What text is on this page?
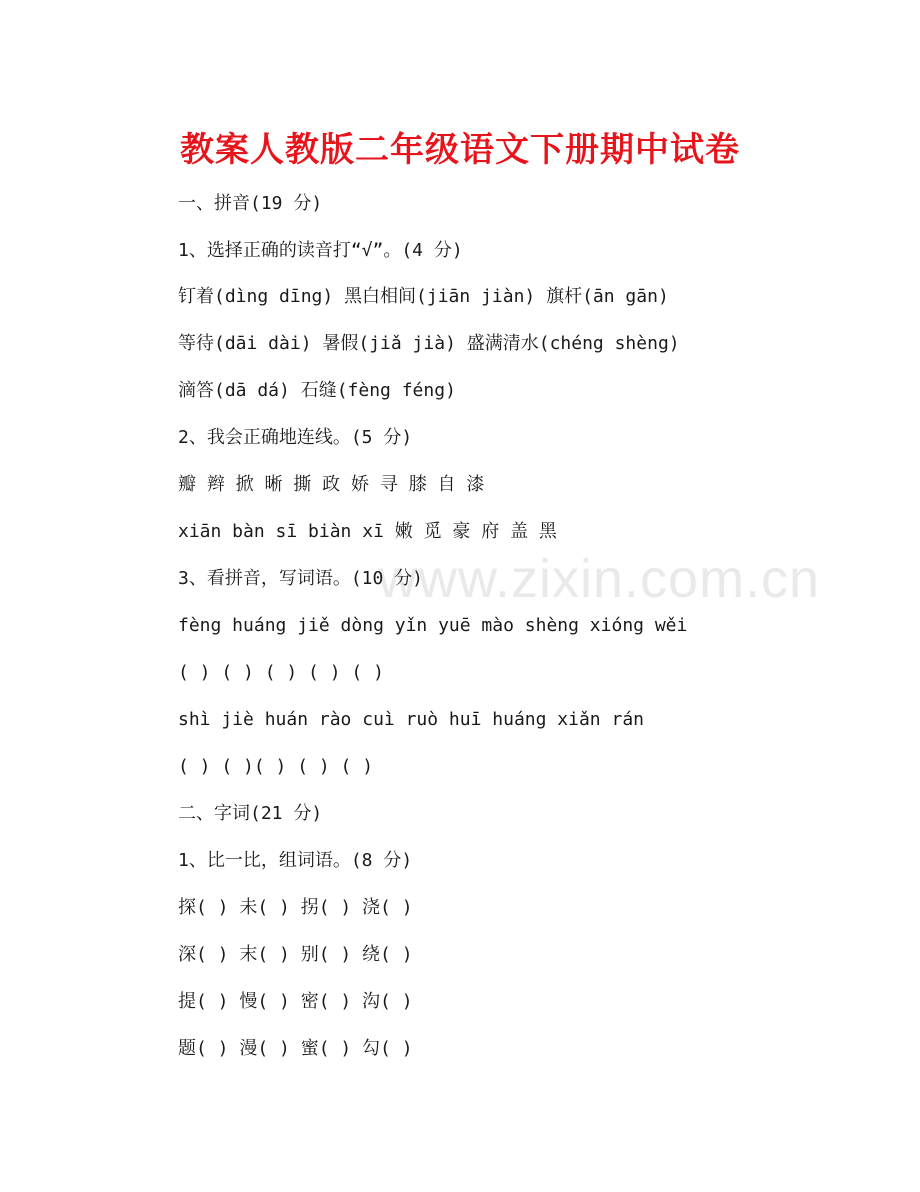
www.zixin.com.cn
教案人教版二年级语文下册期中试卷
一、拼音(19 分)
1、选择正确的读音打“√”。(4 分)
钉着(dìng dīng) 黑白相间(jiān jiàn) 旗杆(ān gān)
等待(dāi dài) 暑假(jiǎ jià) 盛满清水(chéng shèng)
滴答(dā dá) 石缝(fèng féng)
2、我会正确地连线。(5 分)
瓣 辫 掀 晰 撕 政 娇 寻 膝 自 漆
xiān bàn sī biàn xī 嫩 觅 豪 府 盖 黑
3、看拼音，写词语。(10 分)
fèng huáng jiě dòng yǐn yuē mào shèng xióng wěi
( ) ( ) ( ) ( ) ( )
shì jiè huán rào cuì ruò huī huáng xiǎn rán
( ) ( )( ) ( ) ( )
二、字词(21 分)
1、比一比，组词语。(8 分)
探( ) 未( ) 拐( ) 浇( )
深( ) 末( ) 别( ) 绕( )
提( ) 慢( ) 密( ) 沟( )
题( ) 漫( ) 蜜( ) 勾( )
